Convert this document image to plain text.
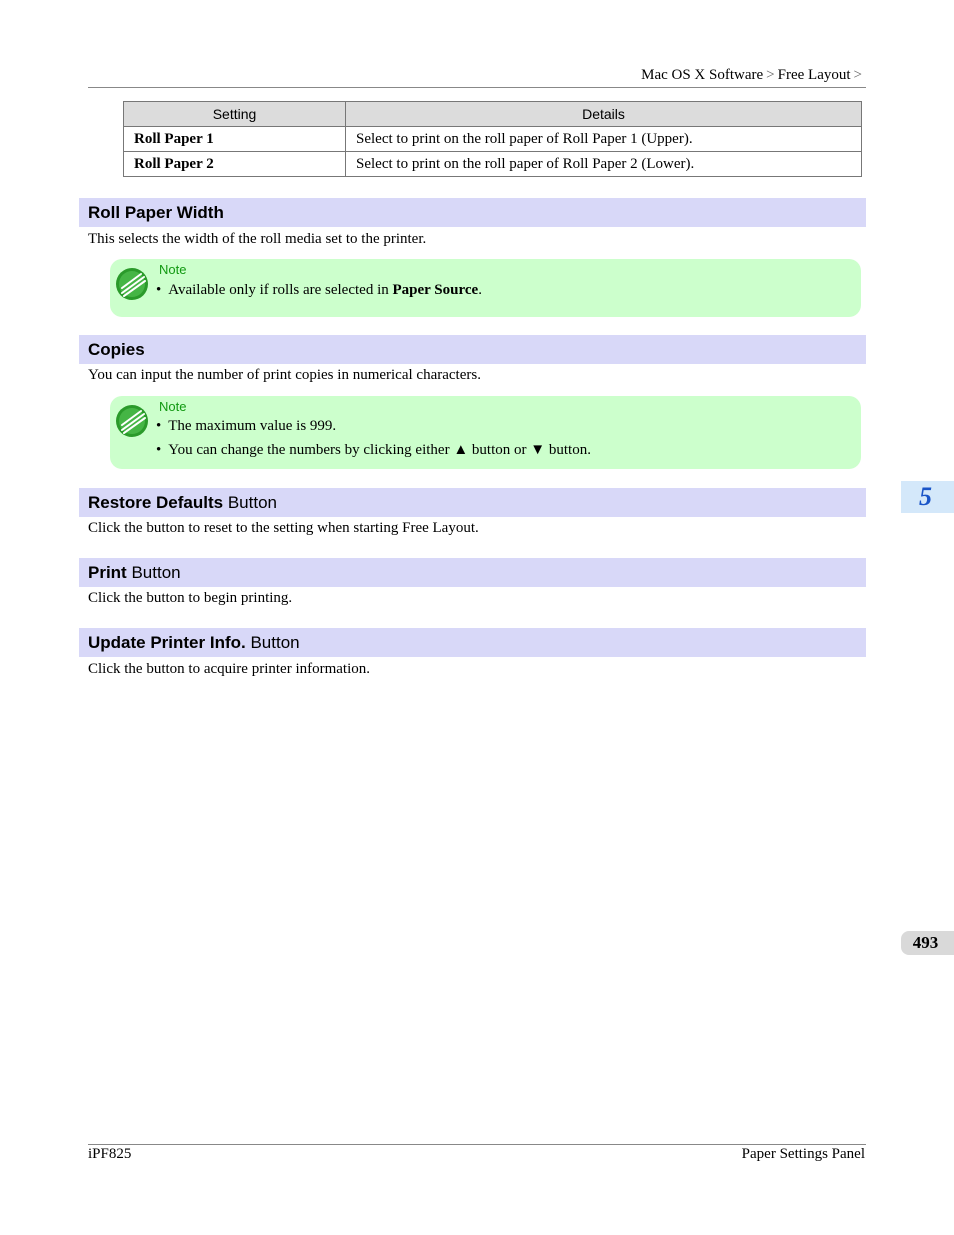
Mac OS X Software > Free Layout >
Setting	Details
Roll Paper 1	Select to print on the roll paper of Roll Paper 1 (Upper).
Roll Paper 2	Select to print on the roll paper of Roll Paper 2 (Lower).
Roll Paper Width
This selects the width of the roll media set to the printer.
Note
• Available only if rolls are selected in Paper Source.
Copies
You can input the number of print copies in numerical characters.
Note
• The maximum value is 999.
• You can change the numbers by clicking either ▲ button or ▼ button.
Restore Defaults Button
Click the button to reset to the setting when starting Free Layout.
Print Button
Click the button to begin printing.
Update Printer Info. Button
Click the button to acquire printer information.
5
493
iPF825	Paper Settings Panel
